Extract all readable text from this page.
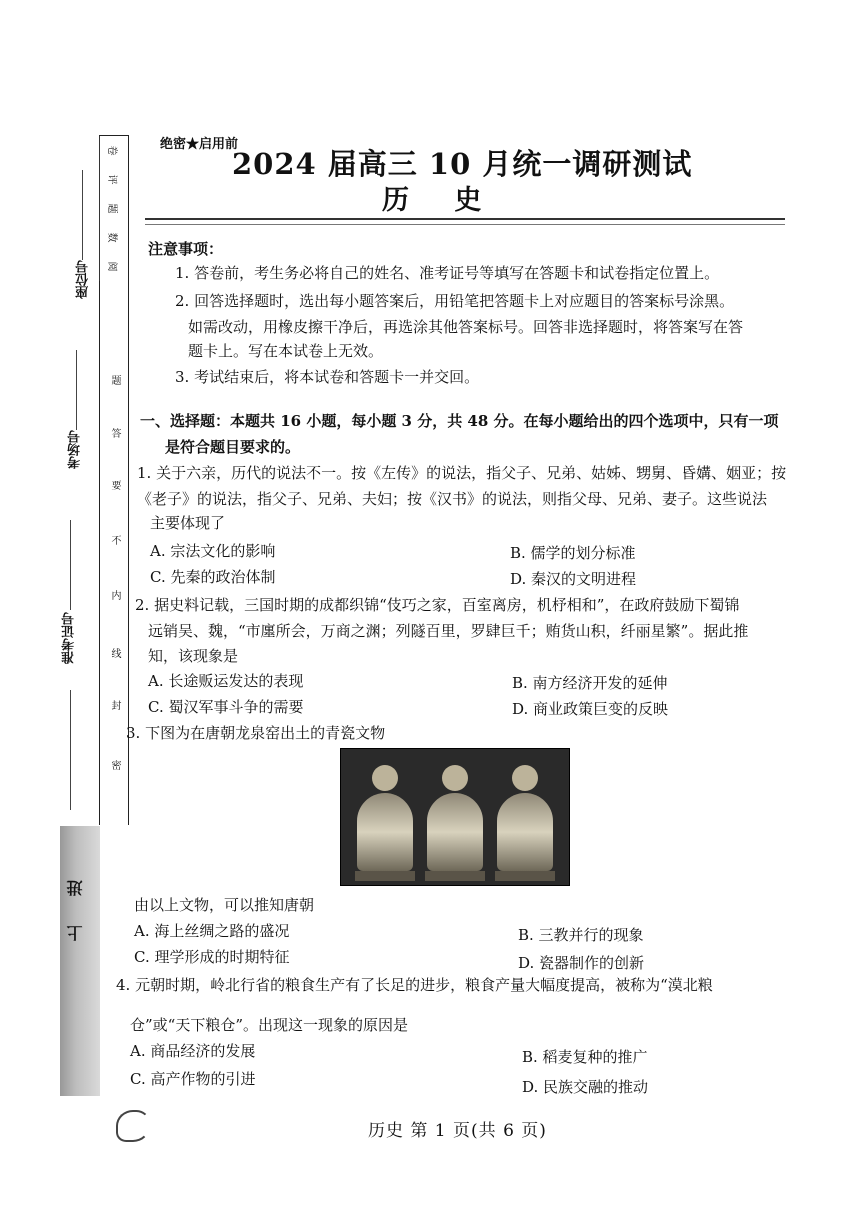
卷
评
题
数
阅
座位号
考场号
准考证号
密
封
线
内
不
要
答
题
进
上
绝密★启用前
2024 届高三 10 月统一调研测试
历 史
注意事项：
1. 答卷前，考生务必将自己的姓名、准考证号等填写在答题卡和试卷指定位置上。
2. 回答选择题时，选出每小题答案后，用铅笔把答题卡上对应题目的答案标号涂黑。
如需改动，用橡皮擦干净后，再选涂其他答案标号。回答非选择题时，将答案写在答
题卡上。写在本试卷上无效。
3. 考试结束后，将本试卷和答题卡一并交回。
一、选择题：本题共 16 小题，每小题 3 分，共 48 分。在每小题给出的四个选项中，只有一项
是符合题目要求的。
1. 关于六亲，历代的说法不一。按《左传》的说法，指父子、兄弟、姑姊、甥舅、昏媾、姻亚；按
《老子》的说法，指父子、兄弟、夫妇；按《汉书》的说法，则指父母、兄弟、妻子。这些说法
主要体现了
A. 宗法文化的影响	B. 儒学的划分标准
C. 先秦的政治体制	D. 秦汉的文明进程
2. 据史料记载，三国时期的成都织锦“伎巧之家，百室离房，机杼相和”，在政府鼓励下蜀锦
远销吴、魏，“市廛所会，万商之渊；列隧百里，罗肆巨千；贿货山积，纤丽星繁”。据此推
知，该现象是
A. 长途贩运发达的表现	B. 南方经济开发的延伸
C. 蜀汉军事斗争的需要	D. 商业政策巨变的反映
3. 下图为在唐朝龙泉窑出土的青瓷文物
由以上文物，可以推知唐朝
A. 海上丝绸之路的盛况	B. 三教并行的现象
C. 理学形成的时期特征	D. 瓷器制作的创新
4. 元朝时期，岭北行省的粮食生产有了长足的进步，粮食产量大幅度提高，被称为“漠北粮
仓”或“天下粮仓”。出现这一现象的原因是
A. 商品经济的发展	B. 稻麦复种的推广
C. 高产作物的引进	D. 民族交融的推动
历史 第 1 页(共 6 页)
